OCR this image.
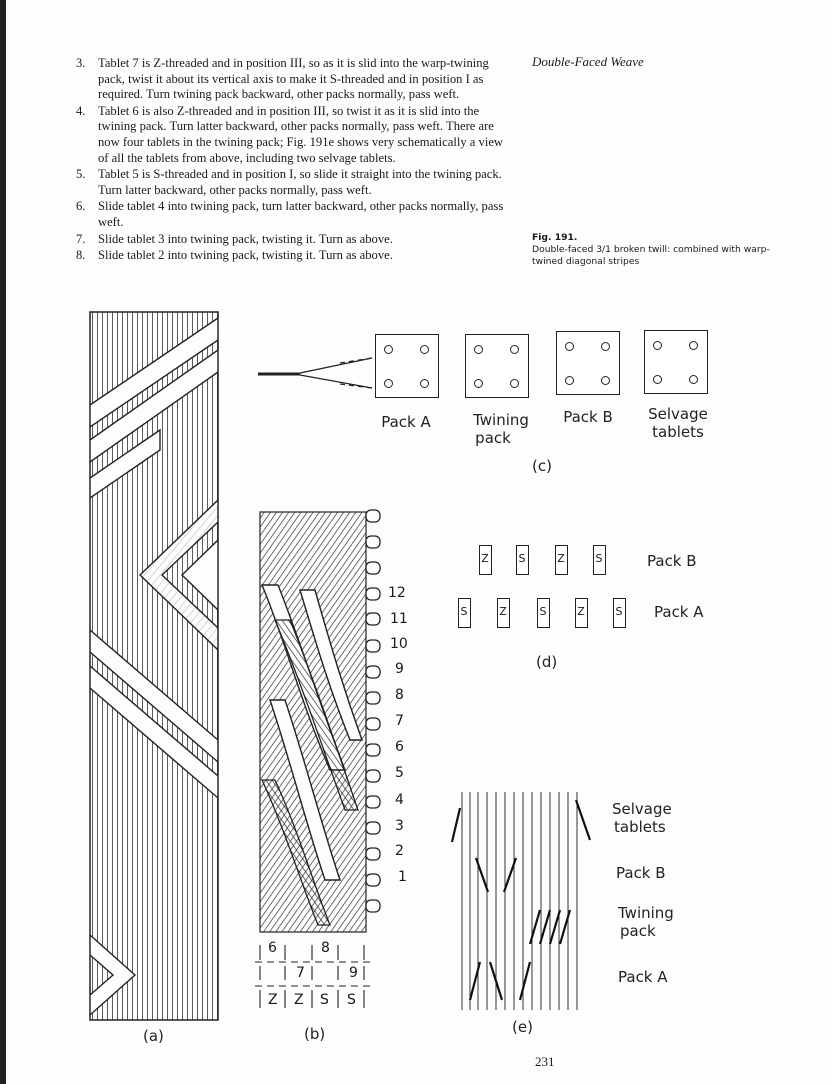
3. Tablet 7 is Z-threaded and in position III, so as it is slid into the warp-twining pack, twist it about its vertical axis to make it S-threaded and in position I as required. Turn twining pack backward, other packs normally, pass weft.
4. Tablet 6 is also Z-threaded and in position III, so twist it as it is slid into the twining pack. Turn latter backward, other packs normally, pass weft. There are now four tablets in the twining pack; Fig. 191e shows very schematically a view of all the tablets from above, including two selvage tablets.
5. Tablet 5 is S-threaded and in position I, so slide it straight into the twining pack. Turn latter backward, other packs normally, pass weft.
6. Slide tablet 4 into twining pack, turn latter backward, other packs normally, pass weft.
7. Slide tablet 3 into twining pack, twisting it. Turn as above.
8. Slide tablet 2 into twining pack, twisting it. Turn as above.
Double-Faced Weave
Fig. 191.
Double-faced 3/1 broken twill: combined with warp-twined diagonal stripes
(a)
Pack A	Twining
pack
Pack B	Selvage
tablets
(c)
Z	S	Z	S	Pack B
S	Z	S	Z	S Pack A
(d)
12
11
10
9
8
7
6
5
4
3
2
1
6	8
7	9
Z Z S S
(b)
Selvage
tablets
Pack B
Twining
pack
Pack A
(e)
231
